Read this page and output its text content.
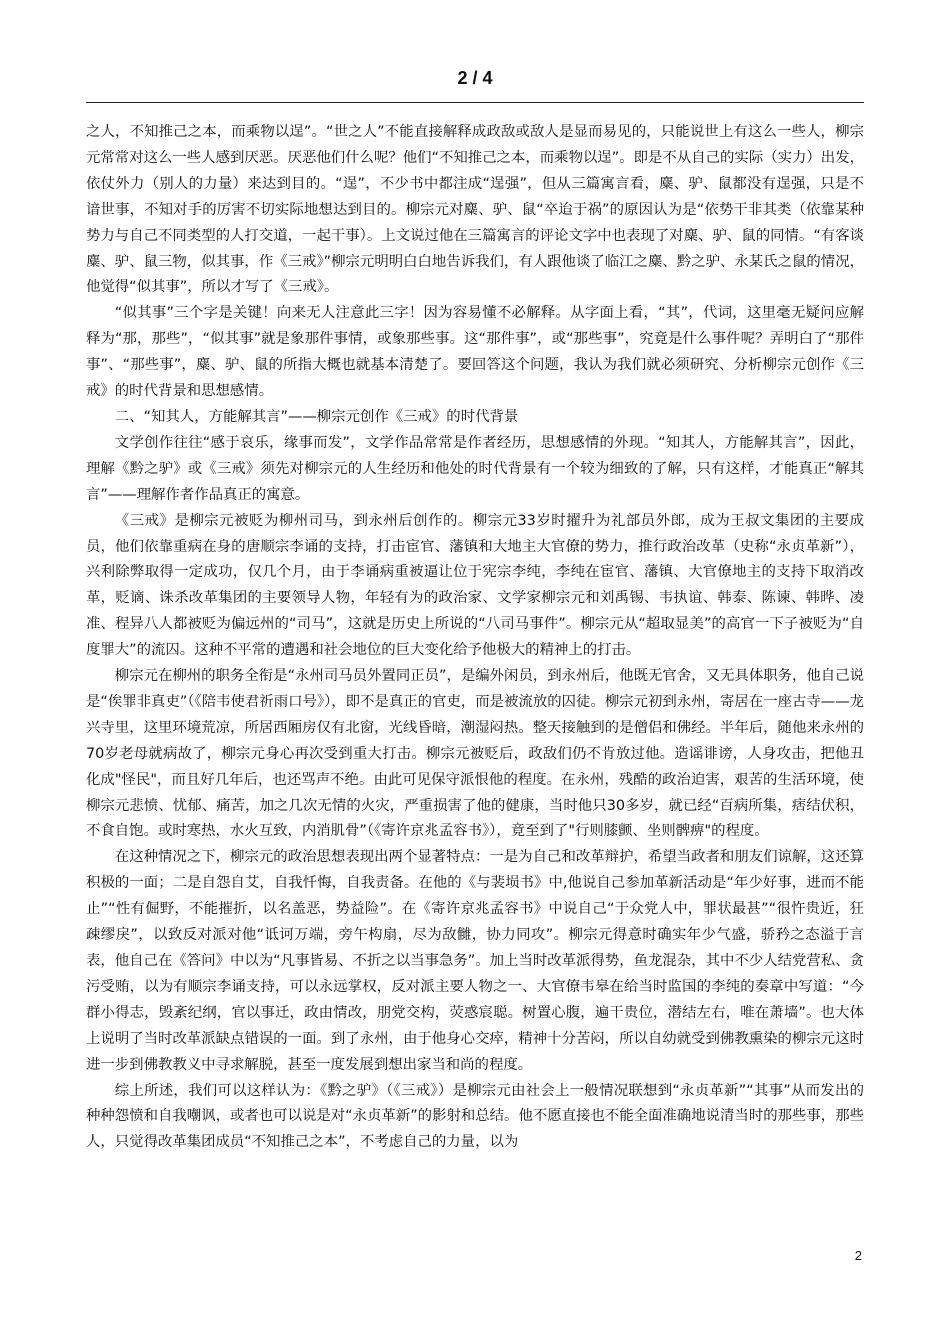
2 / 4

之人，不知推己之本，而乘物以逞”。“世之人”不能直接解释成政敌或敌人是显而易见的，只能说世上有这么一些人，柳宗元常常对这么一些人感到厌恶。厌恶他们什么呢？他们“不知推己之本，而乘物以逞”。即是不从自己的实际（实力）出发，依仗外力（别人的力量）来达到目的。“逞”，不少书中都注成“逞强”，但从三篇寓言看，麋、驴、鼠都没有逞强，只是不谙世事，不知对手的厉害不切实际地想达到目的。柳宗元对麋、驴、鼠“卒迨于祸”的原因认为是“依势干非其类（依靠某种势力与自己不同类型的人打交道，一起干事）。上文说过他在三篇寓言的评论文字中也表现了对麋、驴、鼠的同情。“有客谈麋、驴、鼠三物，似其事，作《三戒》”柳宗元明明白白地告诉我们，有人跟他谈了临江之麋、黔之驴、永某氏之鼠的情况，他觉得“似其事”，所以才写了《三戒》。

“似其事”三个字是关键！向来无人注意此三字！因为容易懂不必解释。从字面上看，“其”，代词，这里毫无疑问应解释为“那，那些”，“似其事”就是象那件事情，或象那些事。这“那件事”，或“那些事”，究竟是什么事件呢？弄明白了“那件事”、“那些事”，麋、驴、鼠的所指大概也就基本清楚了。要回答这个问题，我认为我们就必须研究、分析柳宗元创作《三戒》的时代背景和思想感情。

二、“知其人，方能解其言”——柳宗元创作《三戒》的时代背景

文学创作往往“感于哀乐，缘事而发”，文学作品常常是作者经历，思想感情的外现。“知其人，方能解其言”，因此，理解《黔之驴》或《三戒》须先对柳宗元的人生经历和他处的时代背景有一个较为细致的了解，只有这样，才能真正“解其言”——理解作者作品真正的寓意。

《三戒》是柳宗元被贬为柳州司马，到永州后创作的。柳宗元33岁时擢升为礼部员外郎，成为王叔文集团的主要成员，他们依靠重病在身的唐顺宗李诵的支持，打击宦官、藩镇和大地主大官僚的势力，推行政治改革（史称“永贞革新”），兴利除弊取得一定成功，仅几个月，由于李诵病重被逼让位于宪宗李纯，李纯在宦官、藩镇、大官僚地主的支持下取消改革，贬谪、诛杀改革集团的主要领导人物，年轻有为的政治家、文学家柳宗元和刘禹锡、韦执谊、韩泰、陈谏、韩晔、凌准、程异八人都被贬为偏远州的“司马”，这就是历史上所说的“八司马事件”。柳宗元从“超取显美”的高官一下子被贬为“自度罪大”的流囚。这种不平常的遭遇和社会地位的巨大变化给予他极大的精神上的打击。

柳宗元在柳州的职务全衔是“永州司马员外置同正员”，是编外闲员，到永州后，他既无官舍，又无具体职务，他自己说是“俟罪非真吏”（《陪韦使君祈雨口号》），即不是真正的官吏，而是被流放的囚徒。柳宗元初到永州，寄居在一座古寺——龙兴寺里，这里环境荒凉，所居西厢房仅有北窗，光线昏暗，潮湿闷热。整天接触到的是僧侣和佛经。半年后，随他来永州的70岁老母就病故了，柳宗元身心再次受到重大打击。柳宗元被贬后，政敌们仍不肯放过他。造谣诽谤，人身攻击，把他丑化成"怪民"，而且好几年后，也还骂声不绝。由此可见保守派恨他的程度。在永州，残酷的政治迫害，艰苦的生活环境，使柳宗元悲愤、忧郁、痛苦，加之几次无情的火灾，严重损害了他的健康，当时他只30多岁，就已经“百病所集，痞结伏积，不食自饱。或时寒热，水火互致，内消肌骨”（《寄许京兆孟容书》），竟至到了"行则膝颤、坐则髀痹"的程度。

在这种情况之下，柳宗元的政治思想表现出两个显著特点：一是为自己和改革辩护，希望当政者和朋友们谅解，这还算积极的一面；二是自怨自艾，自我忏悔，自我责备。在他的《与裴埙书》中,他说自己参加革新活动是“年少好事，进而不能止”“性有倔野，不能摧折，以名盖恶，势益险”。在《寄许京兆孟容书》中说自己“于众党人中，罪状最甚”“很忤贵近，狂疎缪戾”，以致反对派对他“诋诃万端，旁午构扇，尽为敌雠，协力同攻”。柳宗元得意时确实年少气盛，骄矜之态溢于言表，他自己在《答问》中以为“凡事皆易、不折之以当事急务”。加上当时改革派得势，鱼龙混杂，其中不少人结党营私、贪污受贿，以为有顺宗李诵支持，可以永远掌权，反对派主要人物之一、大官僚韦皋在给当时监国的李纯的奏章中写道：“今群小得志，毁紊纪纲，官以事迁，政由情改，朋党交构，荧惑宸聪。树置心腹，遍干贵位，潜结左右，唯在萧墙”。也大体上说明了当时改革派缺点错误的一面。到了永州，由于他身心交瘁，精神十分苦闷，所以自幼就受到佛教熏染的柳宗元这时进一步到佛教教义中寻求解脱，甚至一度发展到想出家当和尚的程度。

综上所述，我们可以这样认为：《黔之驴》（《三戒》）是柳宗元由社会上一般情况联想到“永贞革新”“其事”从而发出的种种怨愤和自我嘲讽，或者也可以说是对“永贞革新”的影射和总结。他不愿直接也不能全面准确地说清当时的那些事，那些人，只觉得改革集团成员“不知推己之本”，不考虑自己的力量，以为

2
